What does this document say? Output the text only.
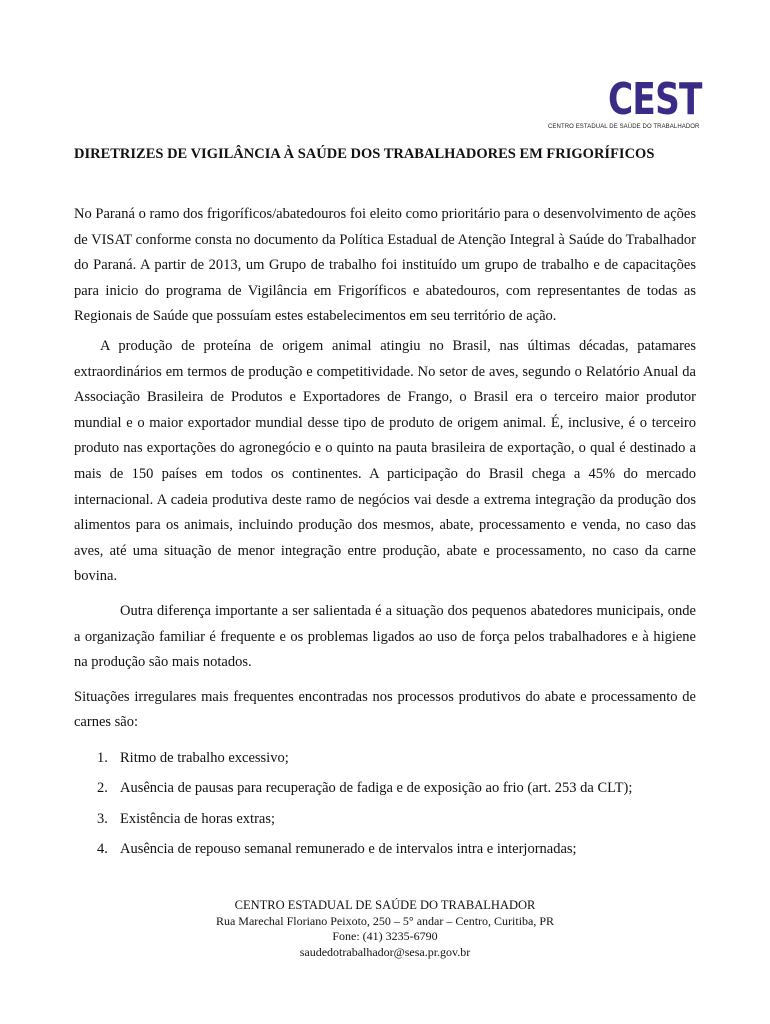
CEST
CENTRO ESTADUAL DE SAÚDE DO TRABALHADOR
DIRETRIZES DE VIGILÂNCIA À SAÚDE DOS TRABALHADORES EM FRIGORÍFICOS

No Paraná o ramo dos frigoríficos/abatedouros foi eleito como prioritário para o desenvolvimento de ações de VISAT conforme consta no documento da Política Estadual de Atenção Integral à Saúde do Trabalhador do Paraná. A partir de 2013, um Grupo de trabalho foi instituído um grupo de trabalho e de capacitações para inicio do programa de Vigilância em Frigoríficos e abatedouros, com representantes de todas as Regionais de Saúde que possuíam estes estabelecimentos em seu território de ação.

A produção de proteína de origem animal atingiu no Brasil, nas últimas décadas, patamares extraordinários em termos de produção e competitividade. No setor de aves, segundo o Relatório Anual da Associação Brasileira de Produtos e Exportadores de Frango, o Brasil era o terceiro maior produtor mundial e o maior exportador mundial desse tipo de produto de origem animal. É, inclusive, é o terceiro produto nas exportações do agronegócio e o quinto na pauta brasileira de exportação, o qual é destinado a mais de 150 países em todos os continentes. A participação do Brasil chega a 45% do mercado internacional. A cadeia produtiva deste ramo de negócios vai desde a extrema integração da produção dos alimentos para os animais, incluindo produção dos mesmos, abate, processamento e venda, no caso das aves, até uma situação de menor integração entre produção, abate e processamento, no caso da carne bovina.

Outra diferença importante a ser salientada é a situação dos pequenos abatedores municipais, onde a organização familiar é frequente e os problemas ligados ao uso de força pelos trabalhadores e à higiene na produção são mais notados.

Situações irregulares mais frequentes encontradas nos processos produtivos do abate e processamento de carnes são:

1. Ritmo de trabalho excessivo;
2. Ausência de pausas para recuperação de fadiga e de exposição ao frio (art. 253 da CLT);
3. Existência de horas extras;
4. Ausência de repouso semanal remunerado e de intervalos intra e interjornadas;
CENTRO ESTADUAL DE SAÚDE DO TRABALHADOR
Rua Marechal Floriano Peixoto, 250 – 5° andar – Centro, Curitiba, PR
Fone: (41) 3235-6790
saudedotrabalhador@sesa.pr.gov.br
